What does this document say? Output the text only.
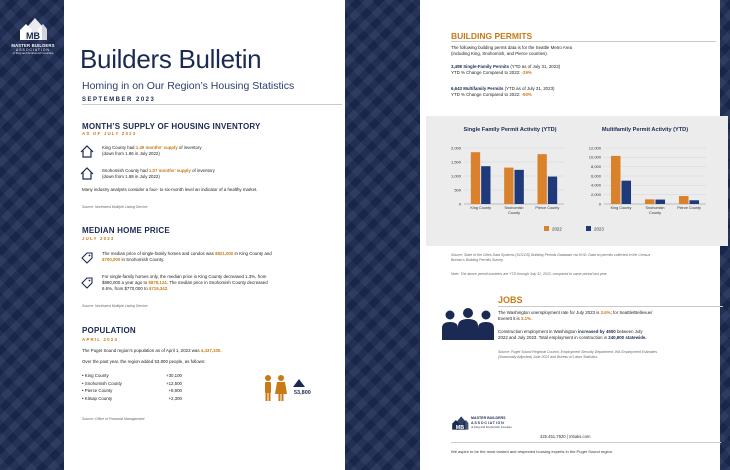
MB
MASTER BUILDERS
ASSOCIATION
of King and Snohomish Counties Builders Bulletin
Homing in on Our Region’s Housing Statistics
SEPTEMBER 2023
MONTH’S SUPPLY OF HOUSING INVENTORY
AS OF JULY 2023
King County had 1.49 months’ supply of inventory
(down from 1.86 in July 2022)
Snohomish County had 1.07 months’ supply of inventory
(down from 1.88 in July 2022)
Many industry analysts consider a four- to six-month level an indicator of a healthy market.
Source: Northwest Multiple Listing Service
MEDIAN HOME PRICE
JULY 2023
The median price of single-family homes and condos was $821,000 in King County and
$700,000 in Snohomish County.
For single-family homes only, the median price in King County decreased 1.3%, from
$890,000 a year ago to $878,124. The median price in Snohomish County decreased
6.6%, from $770,000 to $719,342.
Source: Northwest Multiple Listing Service
POPULATION
APRIL 2023
The Puget Sound region’s population as of April 1, 2023 was 4,437,100.
Over the past year, the region added 53,800 people, as follows:
• King County	+30,100
• Snohomish County	+12,500
• Pierce County	+8,900
• Kitsap County	+2,300
53,800
Source: Office of Financial Management
BUILDING PERMITS
The following building permit data is for the Seattle Metro Area
(including King, Snohomish, and Pierce counties).
3,498 Single-Family Permits (YTD as of July 31, 2023)
YTD % Change Compared to 2022: -29%
6,643 Multifamily Permits (YTD as of July 31, 2023)
YTD % Change Compared to 2022: -50%
Single Family Permit Activity (YTD)	Multifamily Permit Activity (YTD)
0
500
1,000
1,500
2,000
King County	Snohomish
County
Pierce County
0
2,000
4,000
6,000
8,000
10,000
12,000
King County	Snohomish
County
Pierce County
2022	2023
Source: State of the Cities Data Systems (SOCDS) Building Permits Database via HUD. Data on permits collected in the Census
Bureau’s Building Permits Survey.
Note: The above permit numbers are YTD through July 31, 2023, compared to same period last year.
JOBS
The Washington unemployment rate for July 2023 is 3.6%; for Seattle/Bellevue/
Everett it is 3.1%.
Construction employment in Washington increased by 4500 between July
2022 and July 2023. Total employment in construction is 240,900 statewide.
Source: Puget Sound Regional Council, Employment Security Department: WA Employment Estimates
(Seasonally Adjusted) June 2023 and Bureau of Labor Statistics.
MB
MASTER BUILDERS
ASSOCIATION
of King and Snohomish Counties
425.451.7920 | mbaks.com
We aspire to be the most trusted and respected housing experts in the Puget Sound region.
